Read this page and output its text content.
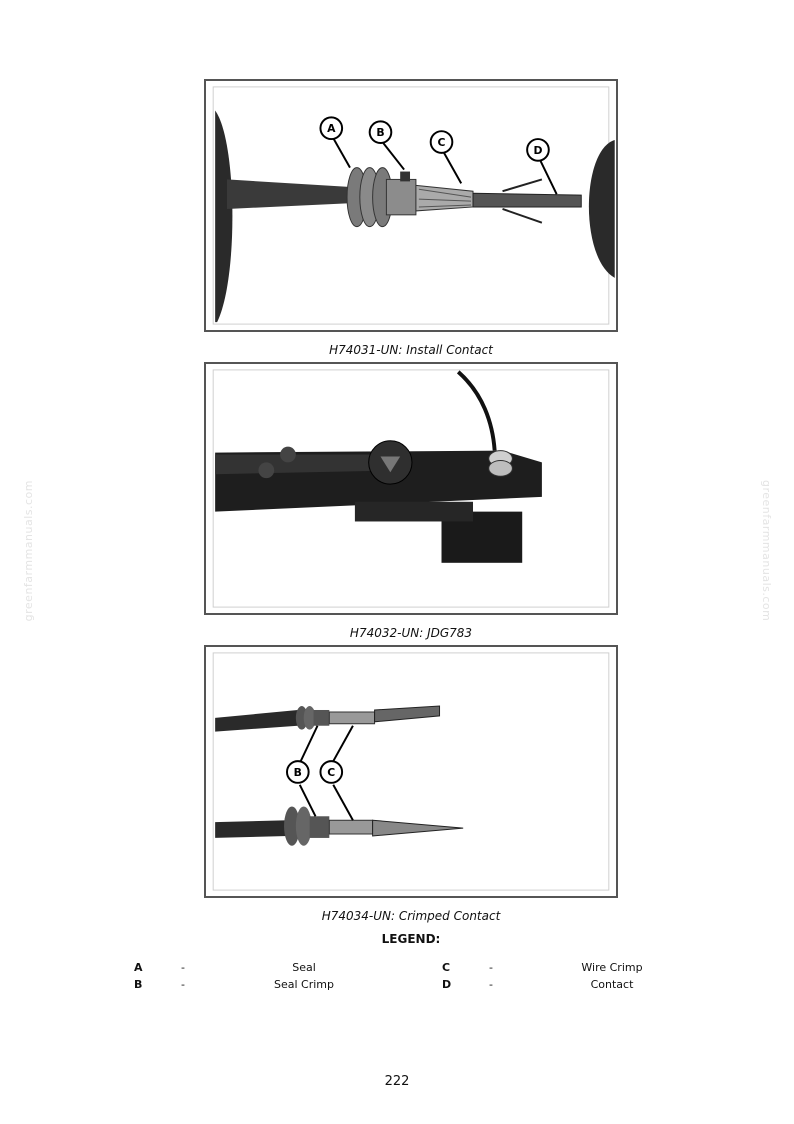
greenfarmmanuals.com	greenfarmmanuals.com
A	B
C
D
H74031-UN: Install Contact
H74032-UN: JDG783
B C
H74034-UN: Crimped Contact
LEGEND:
A	-	Seal	C	-	Wire Crimp
B	-	Seal Crimp	D	-	Contact
222
